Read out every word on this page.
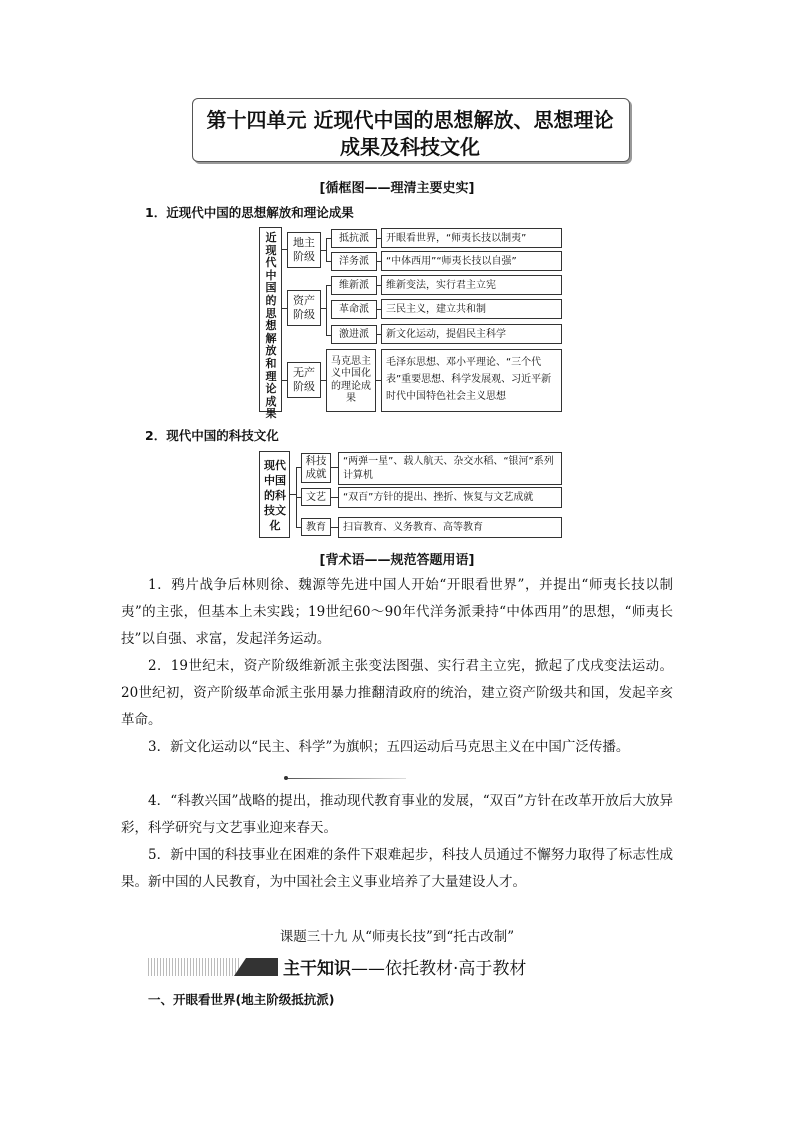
第十四单元 近现代中国的思想解放、思想理论
成果及科技文化
[循框图——理清主要史实]
1．近现代中国的思想解放和理论成果
近现代中国的思想解放和理论成果
地主阶级
资产阶级
无产阶级
抵抗派
洋务派
维新派
革命派
激进派
马克思主义中国化的理论成果
开眼看世界，“师夷长技以制夷”
“中体西用”“师夷长技以自强”
维新变法，实行君主立宪
三民主义，建立共和制
新文化运动，提倡民主科学
毛泽东思想、邓小平理论、“三个代表”重要思想、科学发展观、习近平新时代中国特色社会主义思想
2．现代中国的科技文化
现代中国的科技文化
科技成就
文艺
教育
“两弹一星”、载人航天、杂交水稻、“银河”系列计算机
“双百”方针的提出、挫折、恢复与文艺成就
扫盲教育、义务教育、高等教育
[背术语——规范答题用语]

1．鸦片战争后林则徐、魏源等先进中国人开始“开眼看世界”，并提出“师夷长技以制夷”的主张，但基本上未实践；19世纪60～90年代洋务派秉持“中体西用”的思想，“师夷长技”以自强、求富，发起洋务运动。

2．19世纪末，资产阶级维新派主张变法图强、实行君主立宪，掀起了戊戌变法运动。20世纪初，资产阶级革命派主张用暴力推翻清政府的统治，建立资产阶级共和国，发起辛亥革命。

3．新文化运动以“民主、科学”为旗帜；五四运动后马克思主义在中国广泛传播。

4．“科教兴国”战略的提出，推动现代教育事业的发展，“双百”方针在改革开放后大放异彩，科学研究与文艺事业迎来春天。

5．新中国的科技事业在困难的条件下艰难起步，科技人员通过不懈努力取得了标志性成果。新中国的人民教育，为中国社会主义事业培养了大量建设人才。

课题三十九 从“师夷长技”到“托古改制”
主干知识——依托教材·高于教材
一、开眼看世界(地主阶级抵抗派)
